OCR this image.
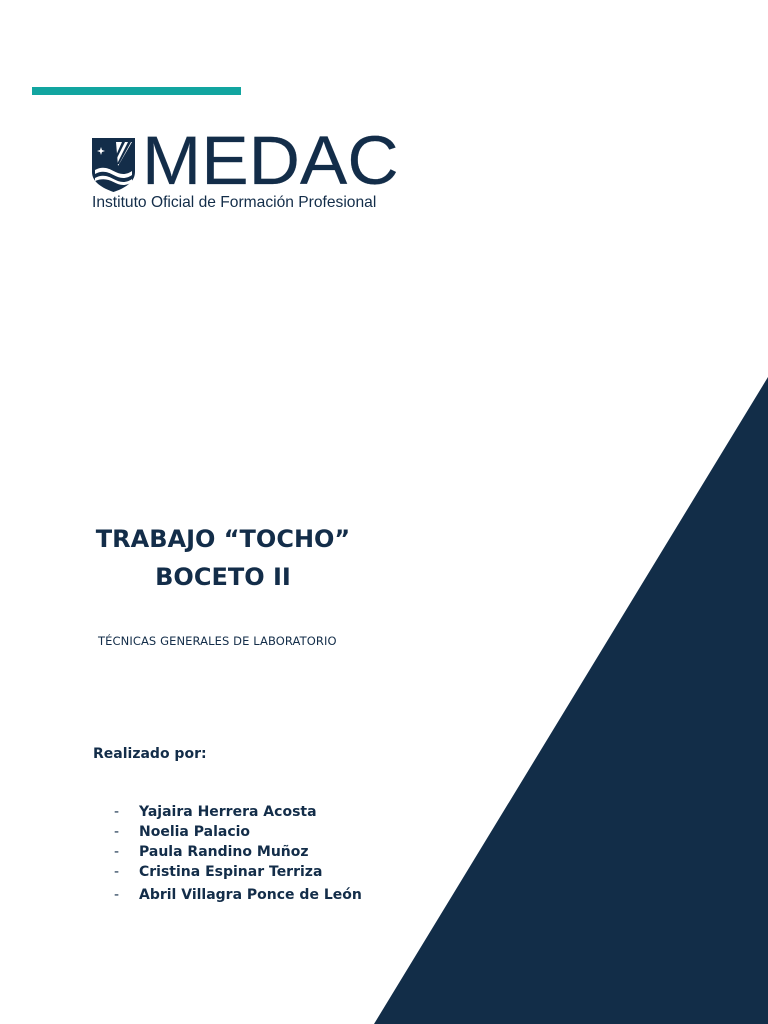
MEDAC
Instituto Oficial de Formación Profesional

TRABAJO “TOCHO”

BOCETO II

TÉCNICAS GENERALES DE LABORATORIO
Realizado por:
- Yajaira Herrera Acosta
- Noelia Palacio
- Paula Randino Muñoz
- Cristina Espinar Terriza
- Abril Villagra Ponce de León
